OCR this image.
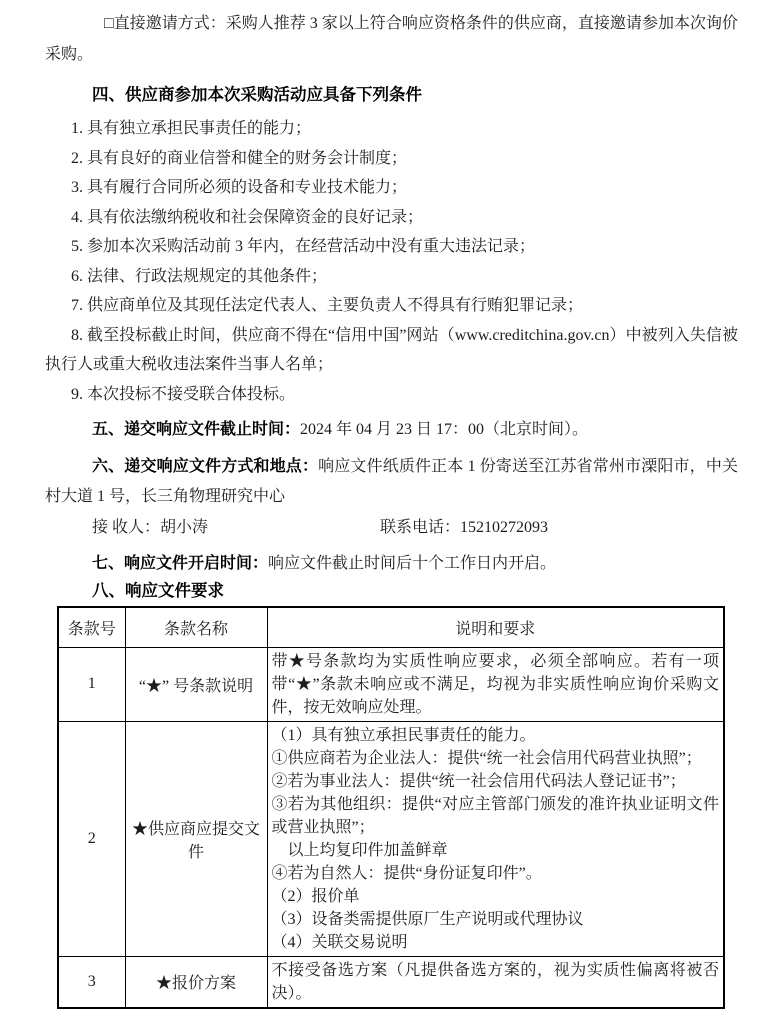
□直接邀请方式：采购人推荐 3 家以上符合响应资格条件的供应商，直接邀请参加本次询价采购。

四、供应商参加本次采购活动应具备下列条件
1. 具有独立承担民事责任的能力；
2. 具有良好的商业信誉和健全的财务会计制度；
3. 具有履行合同所必须的设备和专业技术能力；
4. 具有依法缴纳税收和社会保障资金的良好记录；
5. 参加本次采购活动前 3 年内，在经营活动中没有重大违法记录；
6. 法律、行政法规规定的其他条件；
7. 供应商单位及其现任法定代表人、主要负责人不得具有行贿犯罪记录；
8. 截至投标截止时间，供应商不得在“信用中国”网站（www.creditchina.gov.cn）中被列入失信被执行人或重大税收违法案件当事人名单；
9. 本次投标不接受联合体投标。

五、递交响应文件截止时间：2024 年 04 月 23 日 17：00（北京时间）。

六、递交响应文件方式和地点：响应文件纸质件正本 1 份寄送至江苏省常州市溧阳市，中关村大道 1 号，长三角物理研究中心

接 收人：胡小涛	联系电话：15210272093

七、响应文件开启时间：响应文件截止时间后十个工作日内开启。

八、响应文件要求
条款号	条款名称	说明和要求
1	“★” 号条款说明	带★号条款均为实质性响应要求，必须全部响应。若有一项带“★”条款未响应或不满足，均视为非实质性响应询价采购文件，按无效响应处理。

2	★供应商应提交文件	
（1）具有独立承担民事责任的能力。
①供应商若为企业法人：提供“统一社会信用代码营业执照”；
②若为事业法人：提供“统一社会信用代码法人登记证书”；
③若为其他组织：提供“对应主管部门颁发的准许执业证明文件或营业执照”；
　以上均复印件加盖鲜章
④若为自然人：提供“身份证复印件”。
（2）报价单
（3）设备类需提供原厂生产说明或代理协议
（4）关联交易说明

3	★报价方案	不接受备选方案（凡提供备选方案的，视为实质性偏离将被否决）。
